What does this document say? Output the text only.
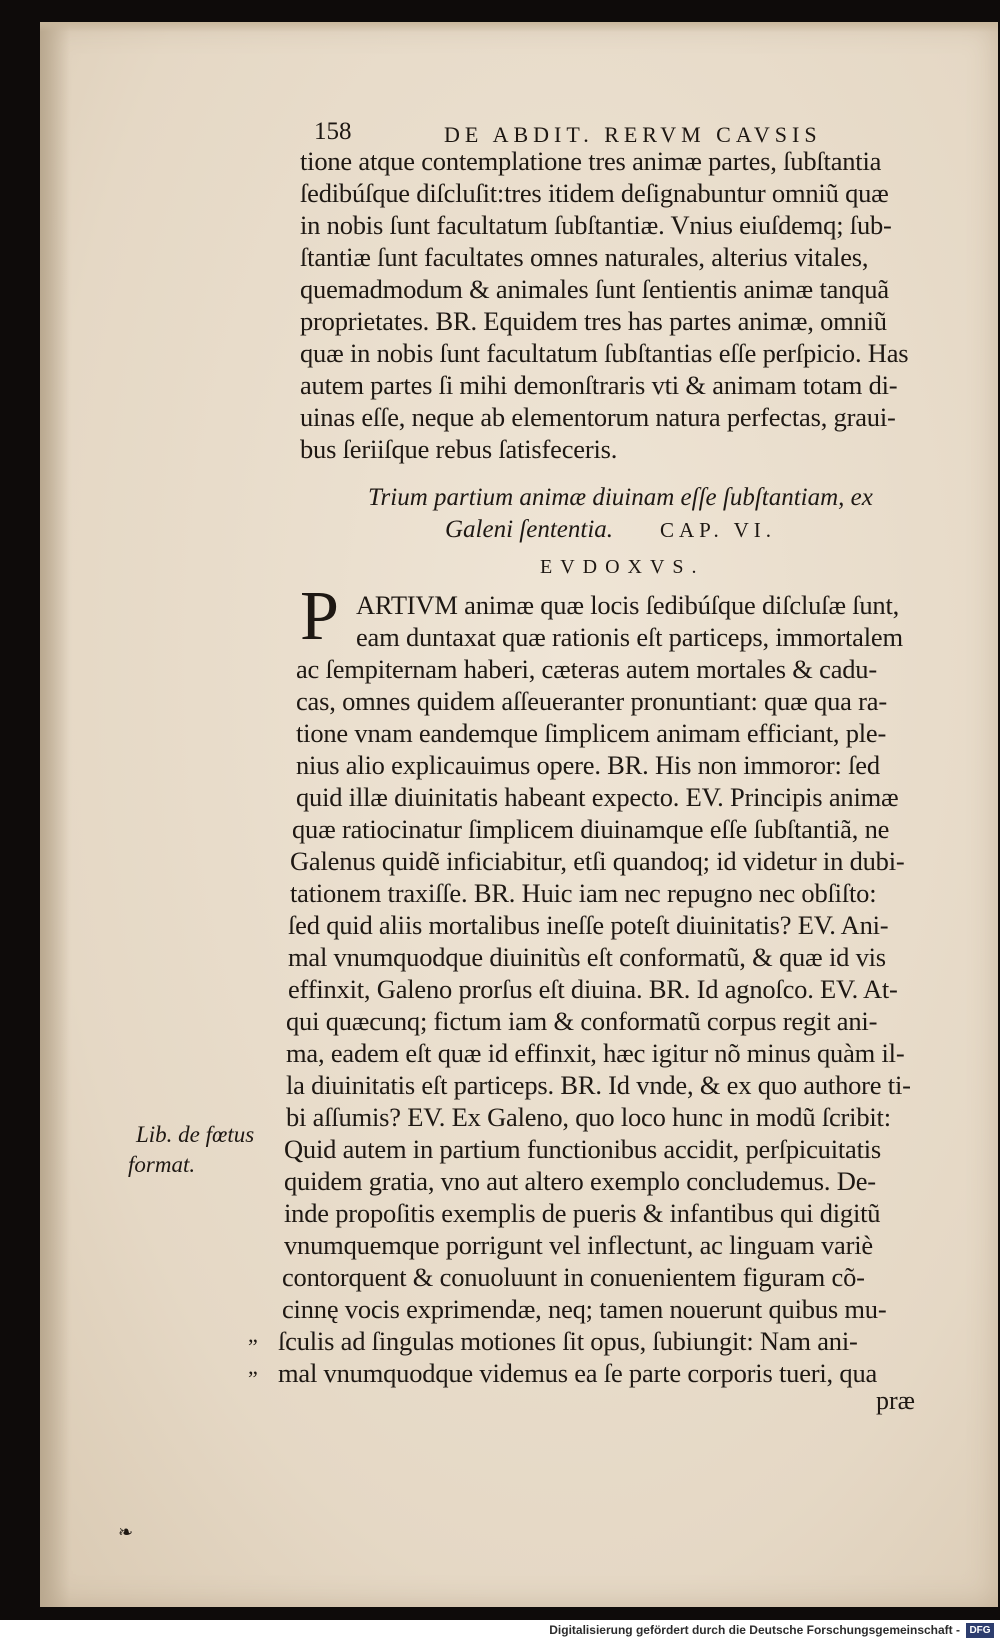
158	DE ABDIT. RERVM CAVSIS
tione atque contemplatione tres animæ partes, ſubſtantia
ſedibúſque diſcluſit:tres itidem deſignabuntur omniũ quæ
in nobis ſunt facultatum ſubſtantiæ. Vnius eiuſdemq; ſub-
ſtantiæ ſunt facultates omnes naturales, alterius vitales,
quemadmodum & animales ſunt ſentientis animæ tanquã
proprietates. BR. Equidem tres has partes animæ, omniũ
quæ in nobis ſunt facultatum ſubſtantias eſſe perſpicio. Has
autem partes ſi mihi demonſtraris vti & animam totam di-
uinas eſſe, neque ab elementorum natura perfectas, graui-
bus ſeriiſque rebus ſatisfeceris.
Trium partium animæ diuinam eſſe ſubſtantiam, ex
Galeni ſententia. CAP. VI.
EVDOXVS.
P ARTIVM animæ quæ locis ſedibúſque diſcluſæ ſunt,
eam duntaxat quæ rationis eſt particeps, immortalem
ac ſempiternam haberi, cæteras autem mortales & cadu-
cas, omnes quidem aſſeueranter pronuntiant: quæ qua ra-
tione vnam eandemque ſimplicem animam efficiant, ple-
nius alio explicauimus opere. BR. His non immoror: ſed
quid illæ diuinitatis habeant expecto. EV. Principis animæ
quæ ratiocinatur ſimplicem diuinamque eſſe ſubſtantiã, ne
Galenus quidẽ inficiabitur, etſi quandoq; id videtur in dubi-
tationem traxiſſe. BR. Huic iam nec repugno nec obſiſto:
ſed quid aliis mortalibus ineſſe poteſt diuinitatis? EV. Ani-
mal vnumquodque diuinitùs eſt conformatũ, & quæ id vis
effinxit, Galeno prorſus eſt diuina. BR. Id agnoſco. EV. At-
qui quæcunq; fictum iam & conformatũ corpus regit ani-
ma, eadem eſt quæ id effinxit, hæc igitur nõ minus quàm il-
la diuinitatis eſt particeps. BR. Id vnde, & ex quo authore ti-
bi aſſumis? EV. Ex Galeno, quo loco hunc in modũ ſcribit:
Quid autem in partium functionibus accidit, perſpicuitatis
quidem gratia, vno aut altero exemplo concludemus. De-
inde propoſitis exemplis de pueris & infantibus qui digitũ
vnumquemque porrigunt vel inflectunt, ac linguam variè
contorquent & conuoluunt in conuenientem figuram cõ-
cinnę vocis exprimendæ, neq; tamen nouerunt quibus mu-
ſculis ad ſingulas motiones ſit opus, ſubiungit: Nam ani-
mal vnumquodque videmus ea ſe parte corporis tueri, qua
præ
Lib. de fœtus
format.
„
„
❧
Digitalisierung gefördert durch die Deutsche Forschungsgemeinschaft - DFG
